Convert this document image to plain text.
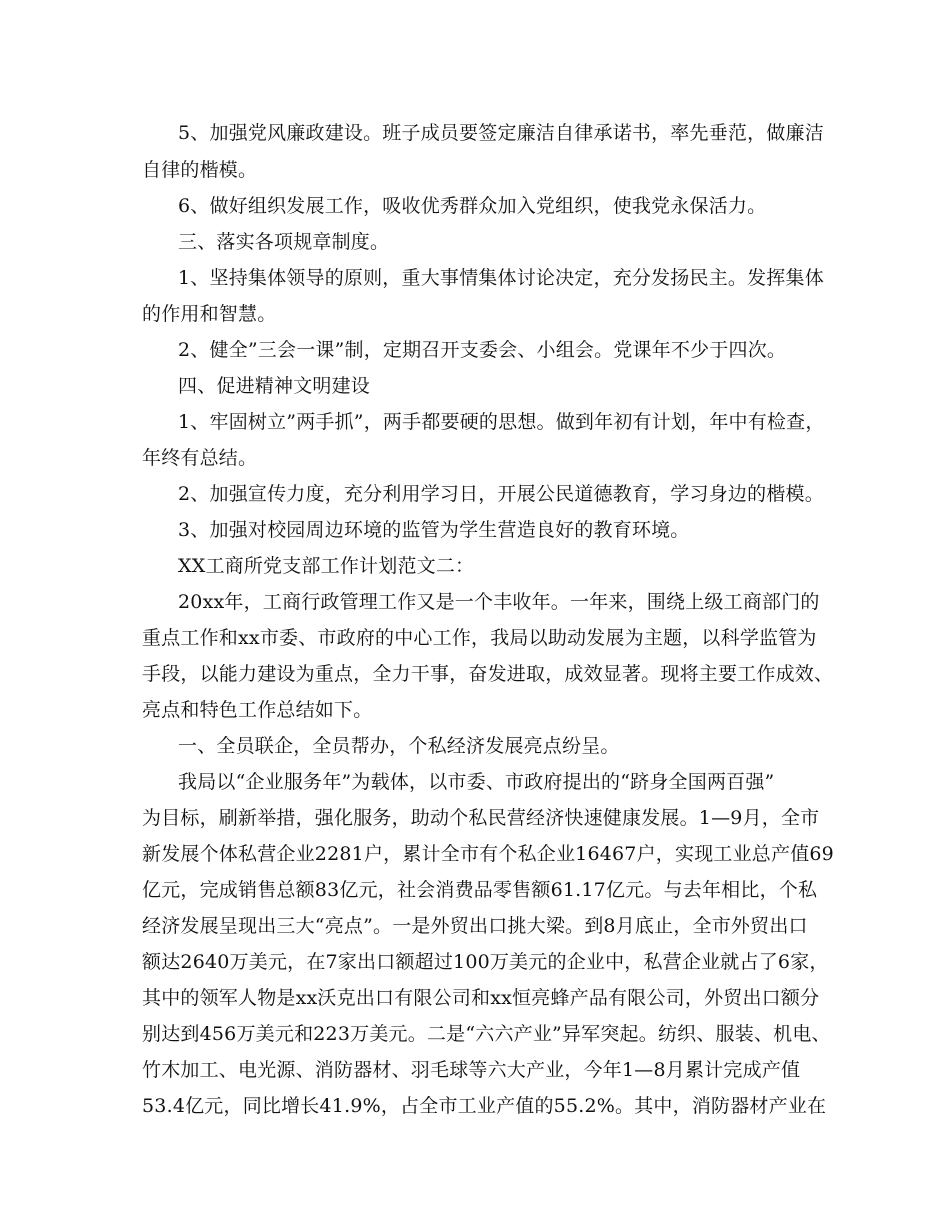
5、加强党风廉政建设。班子成员要签定廉洁自律承诺书，率先垂范，做廉洁
自律的楷模。
6、做好组织发展工作，吸收优秀群众加入党组织，使我党永保活力。
三、落实各项规章制度。
1、坚持集体领导的原则，重大事情集体讨论决定，充分发扬民主。发挥集体
的作用和智慧。
2、健全”三会一课”制，定期召开支委会、小组会。党课年不少于四次。
四、促进精神文明建设
1、牢固树立”两手抓”，两手都要硬的思想。做到年初有计划，年中有检查，
年终有总结。
2、加强宣传力度，充分利用学习日，开展公民道德教育，学习身边的楷模。
3、加强对校园周边环境的监管为学生营造良好的教育环境。
XX工商所党支部工作计划范文二：
20xx年，工商行政管理工作又是一个丰收年。一年来，围绕上级工商部门的
重点工作和xx市委、市政府的中心工作，我局以助动发展为主题，以科学监管为
手段，以能力建设为重点，全力干事，奋发进取，成效显著。现将主要工作成效、
亮点和特色工作总结如下。
一、全员联企，全员帮办，个私经济发展亮点纷呈。
我局以“企业服务年”为载体，以市委、市政府提出的“跻身全国两百强”
为目标，刷新举措，强化服务，助动个私民营经济快速健康发展。1—9月，全市
新发展个体私营企业2281户，累计全市有个私企业16467户，实现工业总产值69
亿元，完成销售总额83亿元，社会消费品零售额61.17亿元。与去年相比，个私
经济发展呈现出三大“亮点”。一是外贸出口挑大梁。到8月底止，全市外贸出口
额达2640万美元，在7家出口额超过100万美元的企业中，私营企业就占了6家，
其中的领军人物是xx沃克出口有限公司和xx恒亮蜂产品有限公司，外贸出口额分
别达到456万美元和223万美元。二是“六六产业”异军突起。纺织、服装、机电、
竹木加工、电光源、消防器材、羽毛球等六大产业，今年1—8月累计完成产值
53.4亿元，同比增长41.9%，占全市工业产值的55.2%。其中，消防器材产业在
